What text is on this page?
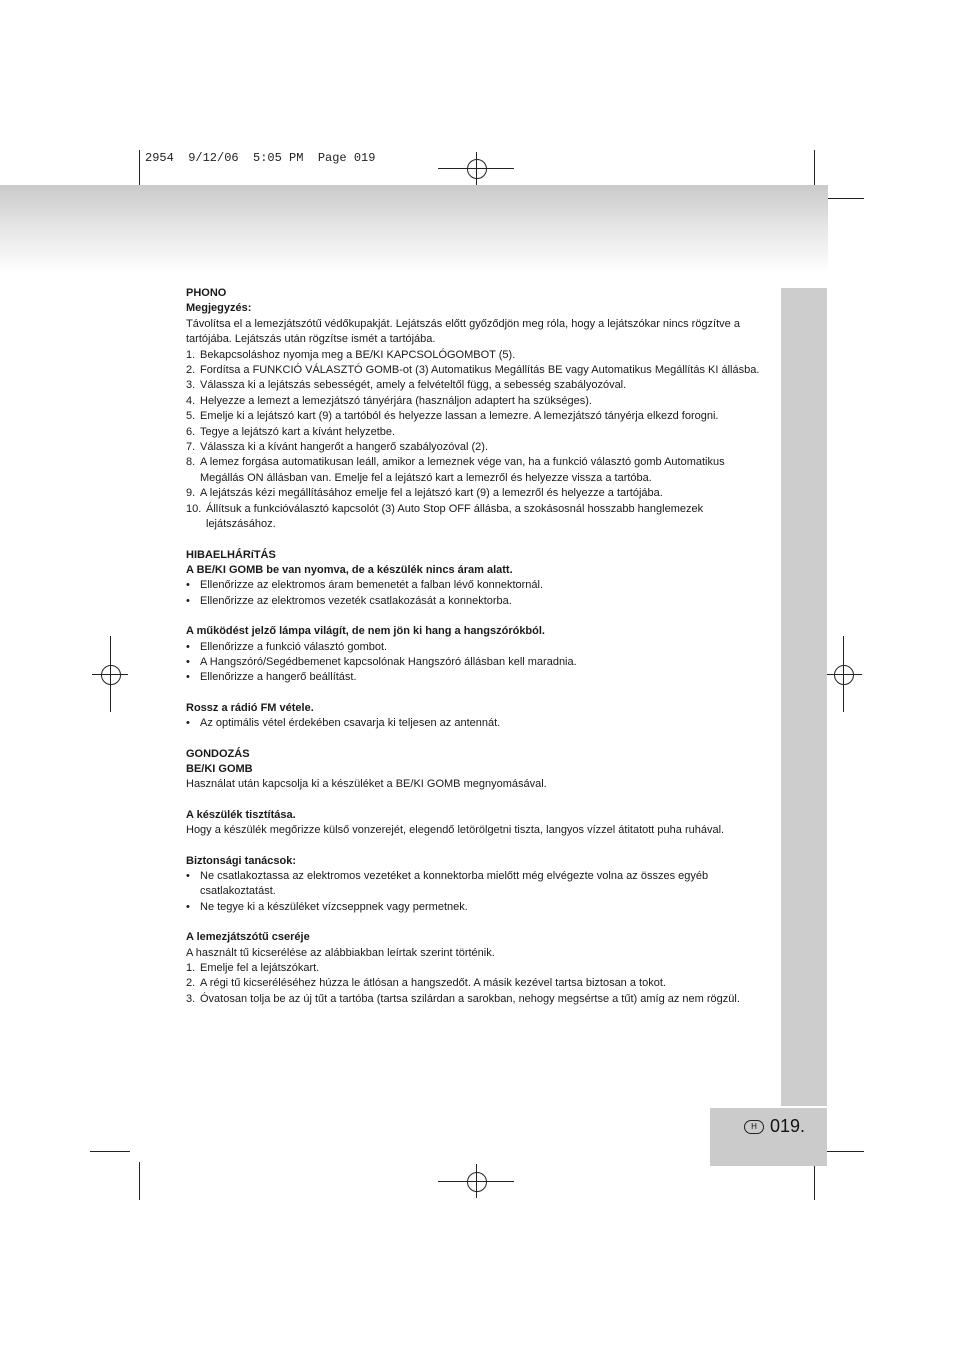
2954  9/12/06  5:05 PM  Page 019
H 019.

PHONO

Megjegyzés:

Távolítsa el a lemezjátszótű védőkupakját. Lejátszás előtt győződjön meg róla, hogy a lejátszókar nincs rögzítve a tartójába. Lejátszás után rögzítse ismét a tartójába.

1. Bekapcsoláshoz nyomja meg a BE/KI KAPCSOLÓGOMBOT (5).
2. Fordítsa a FUNKCIÓ VÁLASZTÓ GOMB-ot (3) Automatikus Megállítás BE vagy Automatikus Megállítás KI állásba.
3. Válassza ki a lejátszás sebességét, amely a felvételtől függ, a sebesség szabályozóval.
4. Helyezze a lemezt a lemezjátszó tányérjára (használjon adaptert ha szükséges).
5. Emelje ki a lejátszó kart (9) a tartóból és helyezze lassan a lemezre. A lemezjátszó tányérja elkezd forogni.
6. Tegye a lejátszó kart a kívánt helyzetbe.
7. Válassza ki a kívánt hangerőt a hangerő szabályozóval (2).
8. A lemez forgása automatikusan leáll, amikor a lemeznek vége van, ha a funkció választó gomb Automatikus Megállás ON állásban van. Emelje fel a lejátszó kart a lemezről és helyezze vissza a tartóba.
9. A lejátszás kézi megállításához emelje fel a lejátszó kart (9) a lemezről és helyezze a tartójába.
10. Állítsuk a funkcióválasztó kapcsolót (3) Auto Stop OFF állásba, a szokásosnál hosszabb hanglemezek lejátszásához.

HIBAELHÁRíTÁS

A BE/KI GOMB be van nyomva, de a készülék nincs áram alatt.

• Ellenőrizze az elektromos áram bemenetét a falban lévő konnektornál.
• Ellenőrizze az elektromos vezeték csatlakozását a konnektorba.

A működést jelző lámpa világít, de nem jön ki hang a hangszórókból.

• Ellenőrizze a funkció választó gombot.
• A Hangszóró/Segédbemenet kapcsolónak Hangszóró állásban kell maradnia.
• Ellenőrizze a hangerő beállítást.

Rossz a rádió FM vétele.

• Az optimális vétel érdekében csavarja ki teljesen az antennát.

GONDOZÁS

BE/KI GOMB

Használat után kapcsolja ki a készüléket a BE/KI GOMB megnyomásával.

A készülék tisztítása.

Hogy a készülék megőrizze külső vonzerejét, elegendő letörölgetni tiszta, langyos vízzel átitatott puha ruhával.

Biztonsági tanácsok:

• Ne csatlakoztassa az elektromos vezetéket a konnektorba mielőtt még elvégezte volna az összes egyéb csatlakoztatást.
• Ne tegye ki a készüléket vízcseppnek vagy permetnek.

A lemezjátszótű cseréje

A használt tű kicserélése az alábbiakban leírtak szerint történik.

1. Emelje fel a lejátszókart.
2. A régi tű kicseréléséhez húzza le átlósan a hangszedőt. A másik kezével tartsa biztosan a tokot.
3. Óvatosan tolja be az új tűt a tartóba (tartsa szilárdan a sarokban, nehogy megsértse a tűt) amíg az nem rögzül.
